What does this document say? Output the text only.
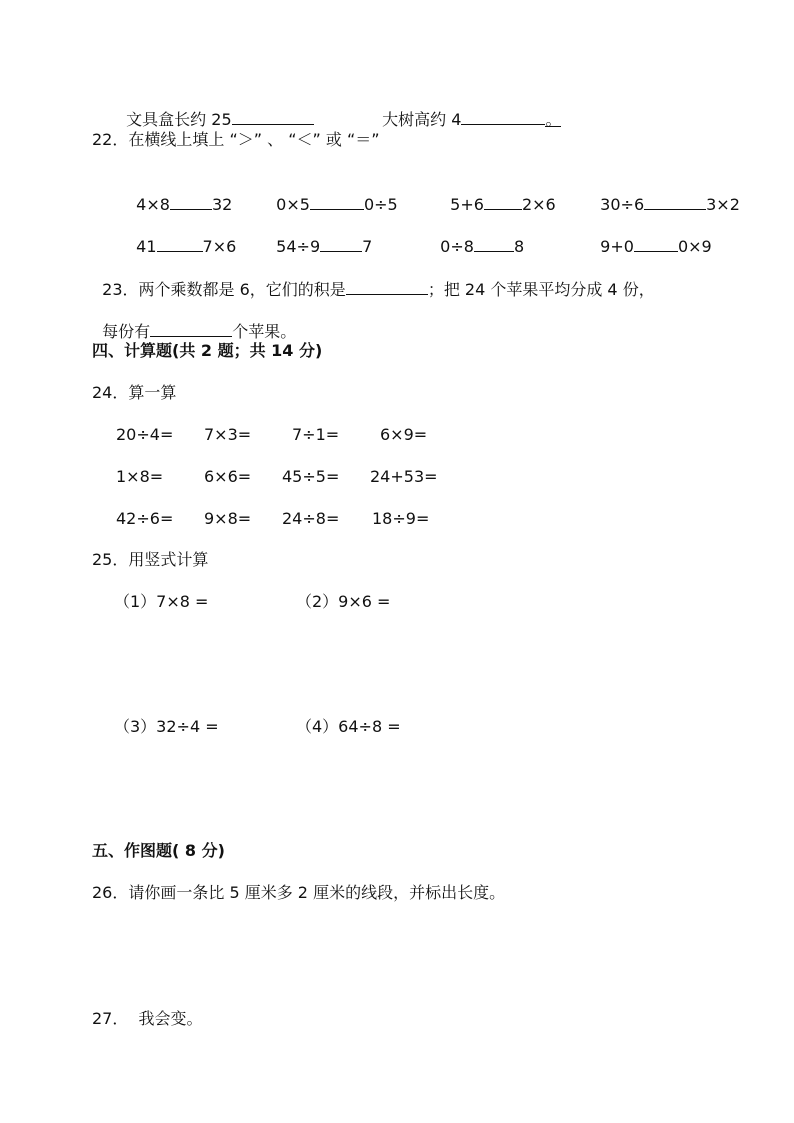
文具盒长约 25	大树高约 4	。

22．在横线上填上 “＞” 、 “＜” 或 “＝”

4×8	32	0×5	0÷5	5+6 2×6	30÷6	3×2

41	7×6	54÷9	7	0÷8	8	9+0	0×9

23．两个乘数都是 6，它们的积是	；把 24 个苹果平均分成 4 份，

每份有	个苹果。

四、计算题(共 2 题；共 14 分)
24．算一算
20÷4= 7×3=	7÷1=	6×9=
1×8=	6×6= 45÷5= 24+53=
42÷6= 9×8= 24÷8= 18÷9=
25．用竖式计算
（1）7×8 =	（2）9×6 =
（3）32÷4 =	（4）64÷8 =
五、作图题( 8 分)
26．请你画一条比 5 厘米多 2 厘米的线段，并标出长度。
27．  我会变。
